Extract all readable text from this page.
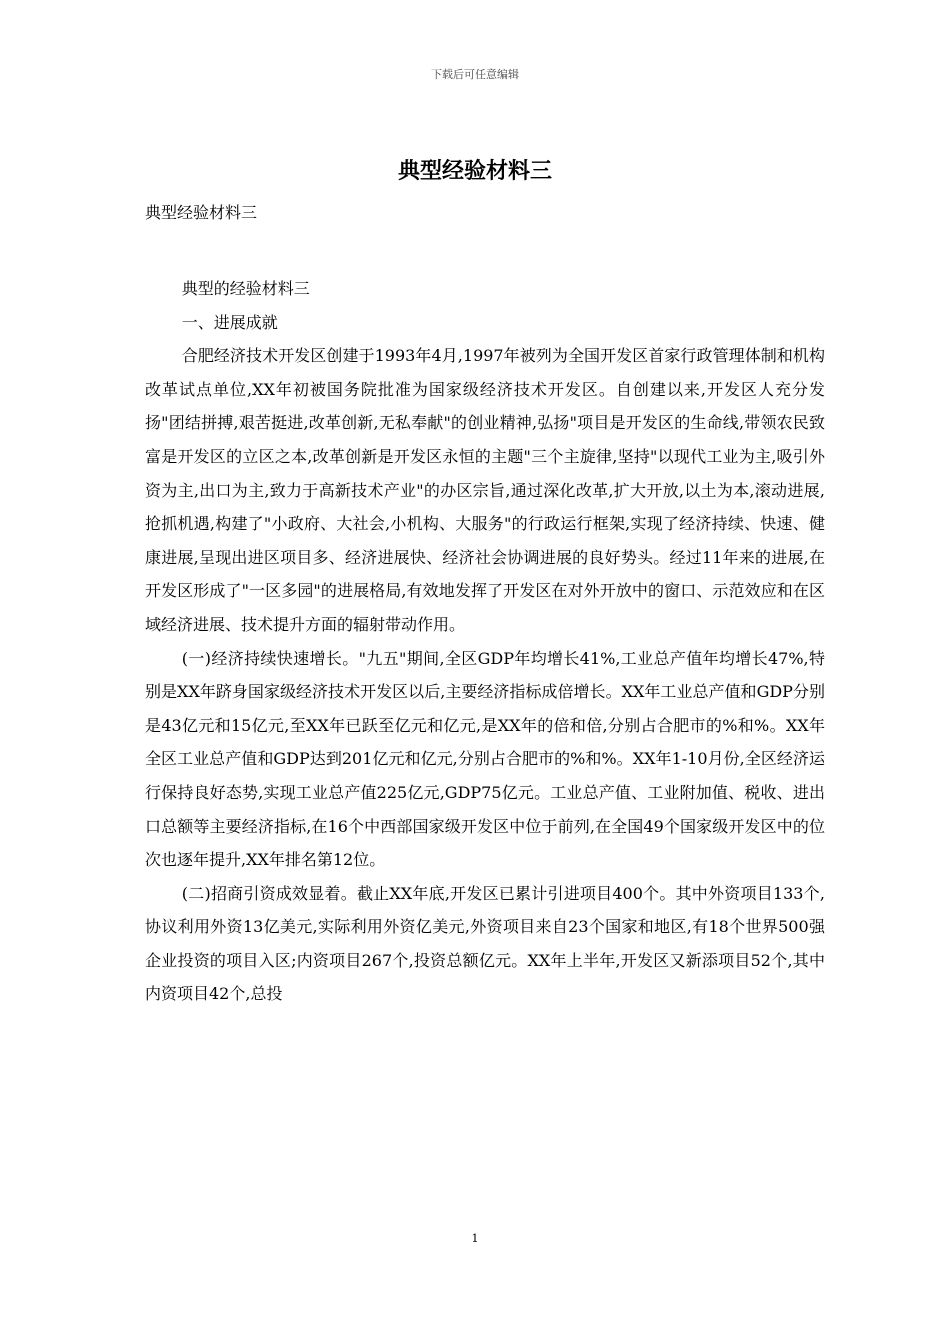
下载后可任意编辑
典型经验材料三
典型经验材料三

典型的经验材料三

一、进展成就

合肥经济技术开发区创建于1993年4月,1997年被列为全国开发区首家行政管理体制和机构改革试点单位,XX年初被国务院批准为国家级经济技术开发区。自创建以来,开发区人充分发扬"团结拼搏,艰苦挺进,改革创新,无私奉献"的创业精神,弘扬"项目是开发区的生命线,带领农民致富是开发区的立区之本,改革创新是开发区永恒的主题"三个主旋律,坚持"以现代工业为主,吸引外资为主,出口为主,致力于高新技术产业"的办区宗旨,通过深化改革,扩大开放,以土为本,滚动进展,抢抓机遇,构建了"小政府、大社会,小机构、大服务"的行政运行框架,实现了经济持续、快速、健康进展,呈现出进区项目多、经济进展快、经济社会协调进展的良好势头。经过11年来的进展,在开发区形成了"一区多园"的进展格局,有效地发挥了开发区在对外开放中的窗口、示范效应和在区域经济进展、技术提升方面的辐射带动作用。

(一)经济持续快速增长。"九五"期间,全区GDP年均增长41%,工业总产值年均增长47%,特别是XX年跻身国家级经济技术开发区以后,主要经济指标成倍增长。XX年工业总产值和GDP分别是43亿元和15亿元,至XX年已跃至亿元和亿元,是XX年的倍和倍,分别占合肥市的%和%。XX年全区工业总产值和GDP达到201亿元和亿元,分别占合肥市的%和%。XX年1-10月份,全区经济运行保持良好态势,实现工业总产值225亿元,GDP75亿元。工业总产值、工业附加值、税收、进出口总额等主要经济指标,在16个中西部国家级开发区中位于前列,在全国49个国家级开发区中的位次也逐年提升,XX年排名第12位。

(二)招商引资成效显着。截止XX年底,开发区已累计引进项目400个。其中外资项目133个,协议利用外资13亿美元,实际利用外资亿美元,外资项目来自23个国家和地区,有18个世界500强企业投资的项目入区;内资项目267个,投资总额亿元。XX年上半年,开发区又新添项目52个,其中内资项目42个,总投

1
